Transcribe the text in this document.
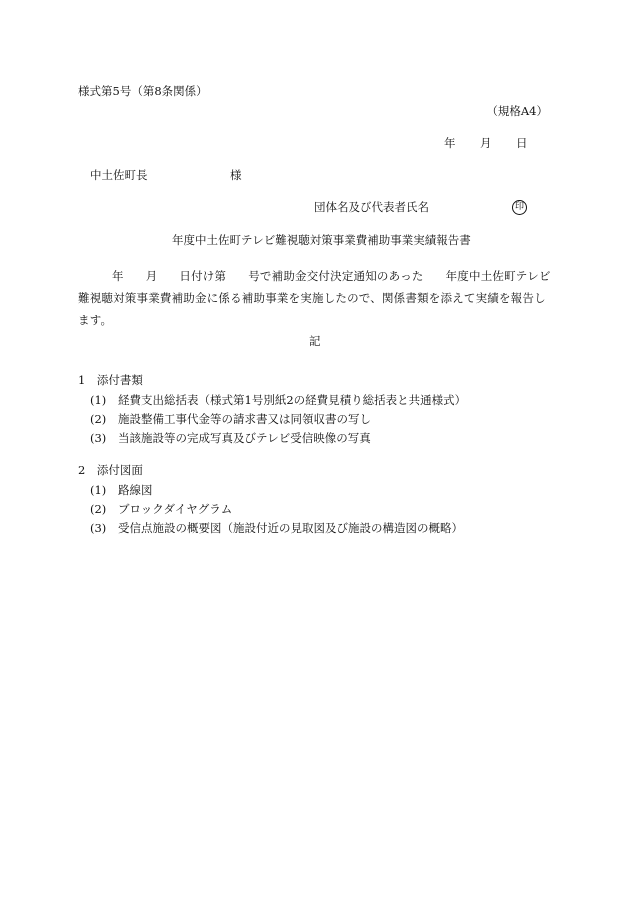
様式第5号（第8条関係）
（規格A4）
年 月 日
中土佐町長	様
団体名及び代表者氏名	印
年度中土佐町テレビ難視聴対策事業費補助事業実績報告書
年 月 日付け第 号で補助金交付決定通知のあった 年度中土佐町テレビ難視聴対策事業費補助金に係る補助事業を実施したので、関係書類を添えて実績を報告します。
記
1　添付書類
(1) 経費支出総括表（様式第1号別紙2の経費見積り総括表と共通様式）
(2) 施設整備工事代金等の請求書又は同領収書の写し
(3) 当該施設等の完成写真及びテレビ受信映像の写真
2　添付図面
(1) 路線図
(2) ブロックダイヤグラム
(3) 受信点施設の概要図（施設付近の見取図及び施設の構造図の概略）
